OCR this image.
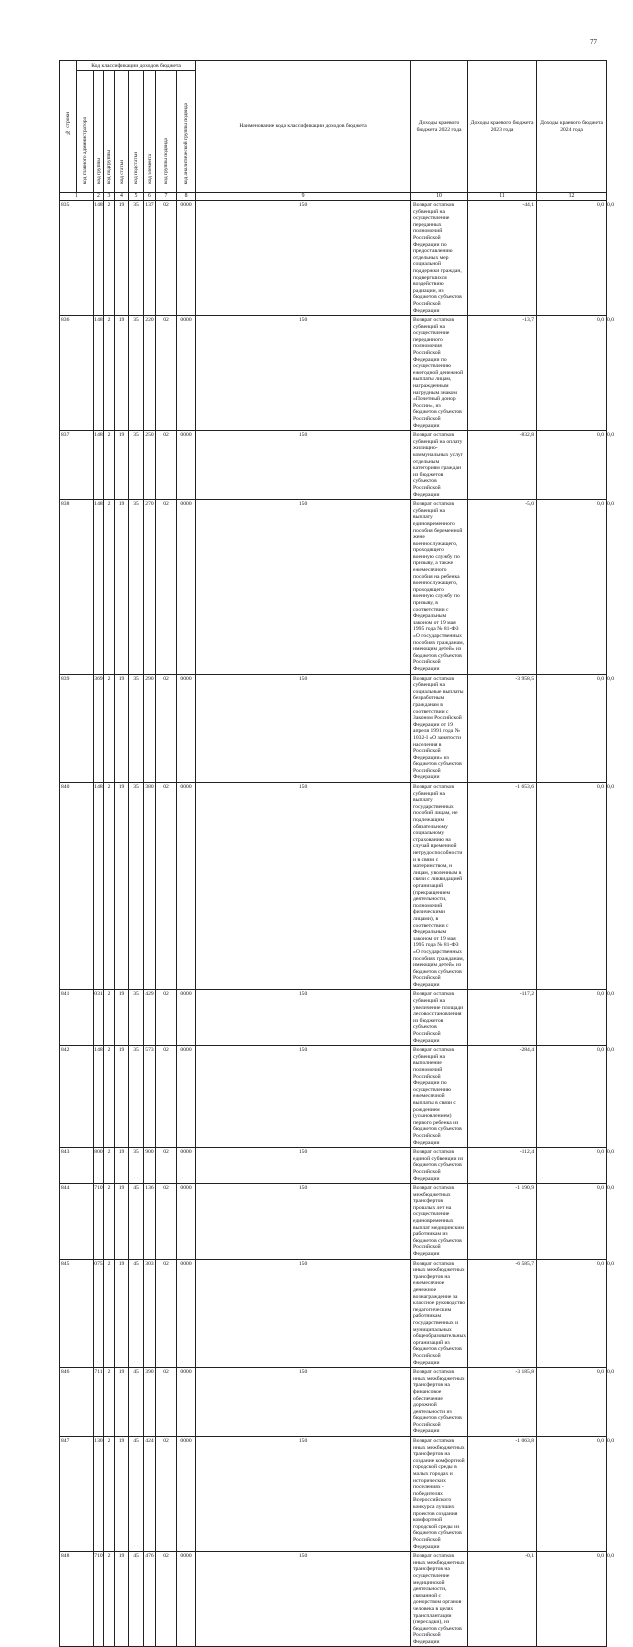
77
№ строки	Код классификации доходов бюджета								Наименование кода классификации доходов бюджета	Доходы краевого бюджета 2022 года	Доходы краевого бюджета 2023 года	Доходы краевого бюджета 2024 года	
	код главного администратора	код группы	код подгруппы	код статьи	код подстатьи	код элемента	код группы подвида	код аналитической группы подвида					
1		2	3	4	5	6	7	8	9	10	11	12	
835		148	2	19	35	137	02	0000	150	Возврат остатков субвенций на осуществление переданных полномочий Российской Федерации по предоставлению отдельных мер социальной поддержки граждан, подвергшихся воздействию радиации, из бюджетов субъектов Российской Федерации	-44,1	0,0	0,0
836		148	2	19	35	220	02	0000	150	Возврат остатков субвенций на осуществление переданного полномочия Российской Федерации по осуществлению ежегодной денежной выплаты лицам, награжденным нагрудным знаком «Почетный донор России», из бюджетов субъектов Российской Федерации	-13,7	0,0	0,0
837		148	2	19	35	250	02	0000	150	Возврат остатков субвенций на оплату жилищно-коммунальных услуг отдельным категориям граждан из бюджетов субъектов Российской Федерации	-832,8	0,0	0,0
838		148	2	19	35	270	02	0000	150	Возврат остатков субвенций на выплату единовременного пособия беременной жене военнослужащего, проходящего военную службу по призыву, а также ежемесячного пособия на ребенка военнослужащего, проходящего военную службу по призыву, в соответствии с Федеральным законом от 19 мая 1995 года № 81-ФЗ «О государственных пособиях гражданам, имеющим детей» из бюджетов субъектов Российской Федерации	-5,0	0,0	0,0
839		369	2	19	35	290	02	0000	150	Возврат остатков субвенций на социальные выплаты безработным гражданам в соответствии с Законом Российской Федерации от 19 апреля 1991 года № 1032-I «О занятости населения в Российской Федерации» из бюджетов субъектов Российской Федерации	-3 958,5	0,0	0,0
840		148	2	19	35	380	02	0000	150	Возврат остатков субвенций на выплату государственных пособий лицам, не подлежащим обязательному социальному страхованию на случай временной нетрудоспособности и в связи с материнством, и лицам, уволенным в связи с ликвидацией организаций (прекращением деятельности, полномочий физическими лицами), в соответствии с Федеральным законом от 19 мая 1995 года № 81-ФЗ «О государственных пособиях гражданам, имеющим детей» из бюджетов субъектов Российской Федерации	-1 653,6	0,0	0,0
841		031	2	19	35	429	02	0000	150	Возврат остатков субвенций на увеличение площади лесовосстановления из бюджетов субъектов Российской Федерации	-117,2	0,0	0,0
842		148	2	19	35	573	02	0000	150	Возврат остатков субвенций на выполнение полномочий Российской Федерации по осуществлению ежемесячной выплаты в связи с рождением (усыновлением) первого ребенка из бюджетов субъектов Российской Федерации	-284,4	0,0	0,0
843		800	2	19	35	900	02	0000	150	Возврат остатков единой субвенции из бюджетов субъектов Российской Федерации	-112,4	0,0	0,0
844		710	2	19	45	136	02	0000	150	Возврат остатков межбюджетных трансфертов прошлых лет на осуществление единовременных выплат медицинским работникам из бюджетов субъектов Российской Федерации	-1 190,9	0,0	0,0
845		075	2	19	45	303	02	0000	150	Возврат остатков иных межбюджетных трансфертов на ежемесячное денежное вознаграждение за классное руководство педагогическим работникам государственных и муниципальных общеобразовательных организаций из бюджетов субъектов Российской Федерации	-6 585,7	0,0	0,0
846		711	2	19	45	390	02	0000	150	Возврат остатков иных межбюджетных трансфертов на финансовое обеспечение дорожной деятельности из бюджетов субъектов Российской Федерации	-3 185,8	0,0	0,0
847		130	2	19	45	424	02	0000	150	Возврат остатков иных межбюджетных трансфертов на создание комфортной городской среды в малых городах и исторических поселениях - победителях Всероссийского конкурса лучших проектов создания комфортной городской среды из бюджетов субъектов Российской Федерации	-1 063,8	0,0	0,0
848		710	2	19	45	476	02	0000	150	Возврат остатков иных межбюджетных трансфертов на осуществление медицинской деятельности, связанной с донорством органов человека в целях трансплантации (пересадки), из бюджетов субъектов Российской Федерации	-0,1	0,0	0,0
